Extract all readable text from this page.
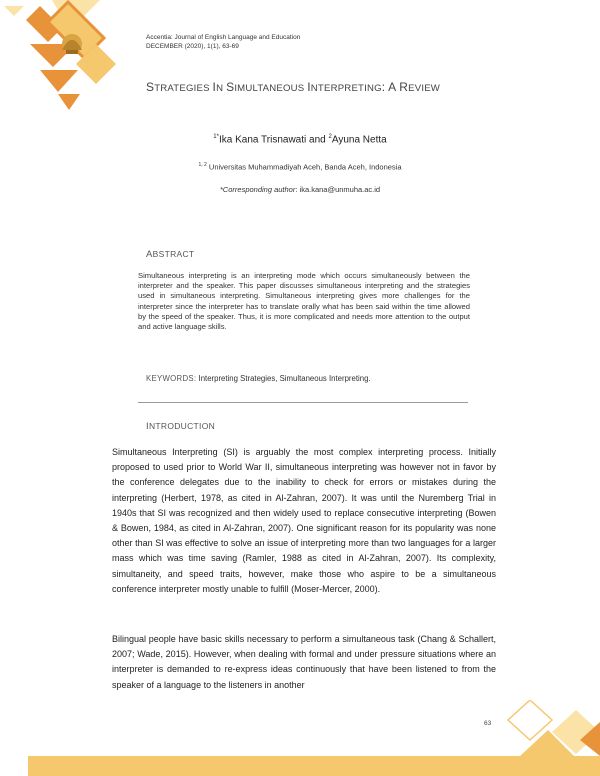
Accentia: Journal of English Language and Education
DECEMBER (2020), 1(1), 63-69
STRATEGIES IN SIMULTANEOUS INTERPRETING: A REVIEW
$^{1*}$Ika Kana Trisnawati and $^2$Ayuna Netta
$^{1, 2}$ Universitas Muhammadiyah Aceh, Banda Aceh, Indonesia
*Corresponding author: ika.kana@unmuha.ac.id
ABSTRACT
Simultaneous interpreting is an interpreting mode which occurs simultaneously between the interpreter and the speaker. This paper discusses simultaneous interpreting and the strategies used in simultaneous interpreting. Simultaneous interpreting gives more challenges for the interpreter since the interpreter has to translate orally what has been said within the time allowed by the speed of the speaker. Thus, it is more complicated and needs more attention to the output and active language skills.
KEYWORDS: Interpreting Strategies, Simultaneous Interpreting.
INTRODUCTION
Simultaneous Interpreting (SI) is arguably the most complex interpreting process. Initially proposed to used prior to World War II, simultaneous interpreting was however not in favor by the conference delegates due to the inability to check for errors or mistakes during the interpreting (Herbert, 1978, as cited in Al-Zahran, 2007). It was until the Nuremberg Trial in 1940s that SI was recognized and then widely used to replace consecutive interpreting (Bowen & Bowen, 1984, as cited in Al-Zahran, 2007). One significant reason for its popularity was none other than SI was effective to solve an issue of interpreting more than two languages for a larger mass which was time saving (Ramler, 1988 as cited in Al-Zahran, 2007). Its complexity, simultaneity, and speed traits, however, make those who aspire to be a simultaneous conference interpreter mostly unable to fulfill (Moser-Mercer, 2000).
Bilingual people have basic skills necessary to perform a simultaneous task (Chang & Schallert, 2007; Wade, 2015). However, when dealing with formal and under pressure situations where an interpreter is demanded to re-express ideas continuously that have been listened to from the speaker of a language to the listeners in another
63
